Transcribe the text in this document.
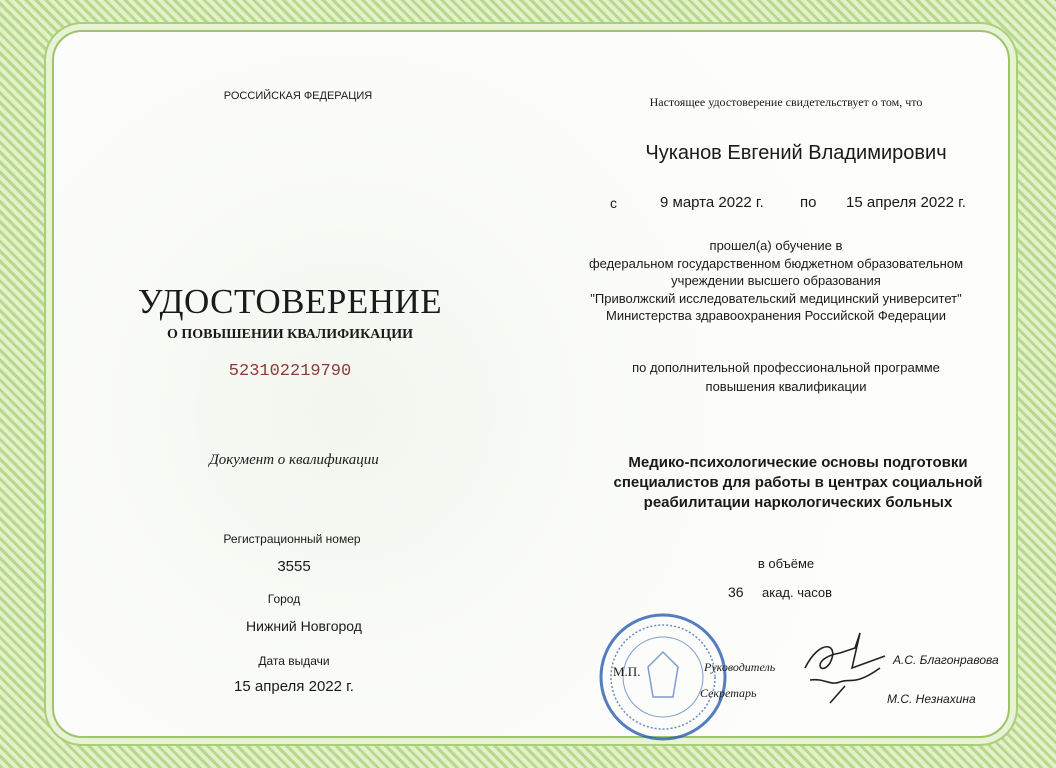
РОССИЙСКАЯ ФЕДЕРАЦИЯ
УДОСТОВЕРЕНИЕ
О ПОВЫШЕНИИ КВАЛИФИКАЦИИ
523102219790
Документ о квалификации
Регистрационный номер
3555
Город
Нижний Новгород
Дата выдачи
15 апреля 2022 г.
Настоящее удостоверение свидетельствует о том, что
Чуканов Евгений Владимирович
с	9 марта 2022 г. по 15 апреля 2022 г.
прошел(а) обучение в
федеральном государственном бюджетном образовательном
учреждении высшего образования
"Приволжский исследовательский медицинский университет"
Министерства здравоохранения Российской Федерации
по дополнительной профессиональной программе
повышения квалификации
Медико-психологические основы подготовки
специалистов для работы в центрах социальной
реабилитации наркологических больных
в объёме
36 акад. часов
М.П.	Руководитель
Секретарь
А.С. Благонравова
М.С. Незнахина
